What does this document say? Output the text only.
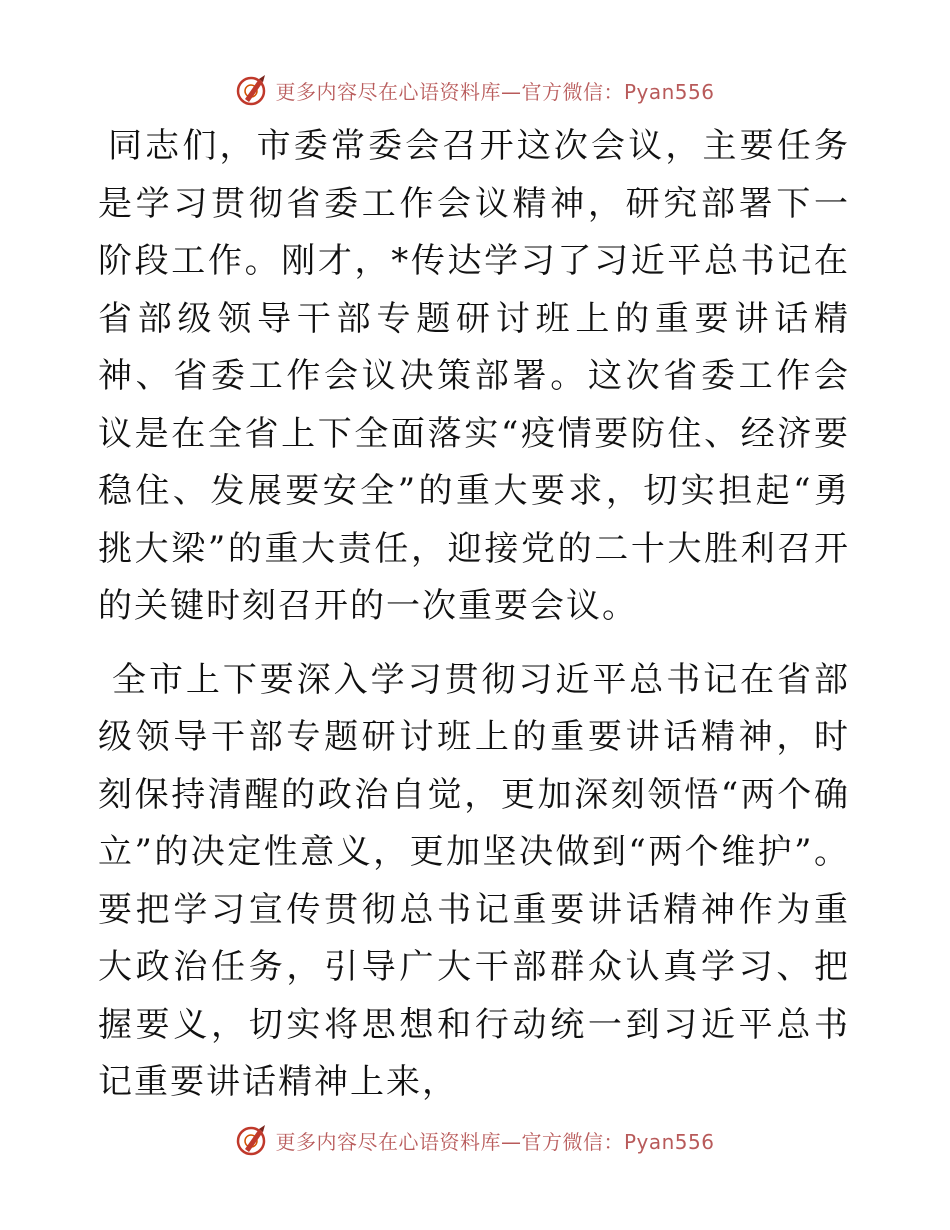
更多内容尽在心语资料库—官方微信：Pyan556

同志们，市委常委会召开这次会议，主要任务是学习贯彻省委工作会议精神，研究部署下一阶段工作。刚才，*传达学习了习近平总书记在省部级领导干部专题研讨班上的重要讲话精神、省委工作会议决策部署。这次省委工作会议是在全省上下全面落实“疫情要防住、经济要稳住、发展要安全”的重大要求，切实担起“勇挑大梁”的重大责任，迎接党的二十大胜利召开的关键时刻召开的一次重要会议。

全市上下要深入学习贯彻习近平总书记在省部级领导干部专题研讨班上的重要讲话精神，时刻保持清醒的政治自觉，更加深刻领悟“两个确立”的决定性意义，更加坚决做到“两个维护”。要把学习宣传贯彻总书记重要讲话精神作为重大政治任务，引导广大干部群众认真学习、把握要义，切实将思想和行动统一到习近平总书记重要讲话精神上来，

更多内容尽在心语资料库—官方微信：Pyan556
